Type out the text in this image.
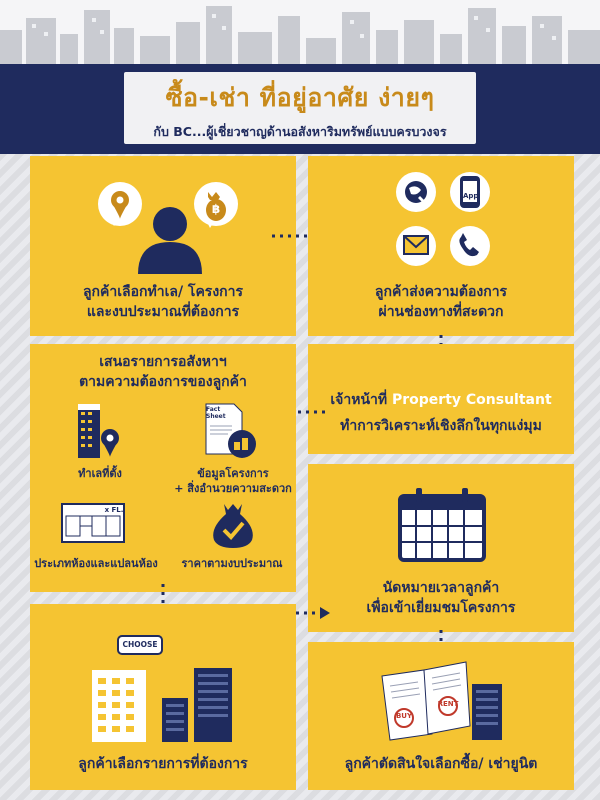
ซื้อ-เช่า ที่อยู่อาศัย ง่ายๆ
กับ BC...ผู้เชี่ยวชาญด้านอสังหาริมทรัพย์แบบครบวงจร
฿
ลูกค้าเลือกทำเล/ โครงการ
และงบประมาณที่ต้องการ
App
ลูกค้าส่งความต้องการ
ผ่านช่องทางที่สะดวก
เจ้าหน้าที่ Property Consultant
ทำการวิเคราะห์เชิงลึกในทุกแง่มุม
เสนอรายการอสังหาฯ
ตามความต้องการของลูกค้า
ทำเลที่ตั้ง
Fact Sheet
ข้อมูลโครงการ
+ สิ่งอำนวยความสะดวก
x FL.
ประเภทห้องและแปลนห้อง	ราคาตามงบประมาณ
นัดหมายเวลาลูกค้า
เพื่อเข้าเยี่ยมชมโครงการ
CHOOSE
ลูกค้าเลือกรายการที่ต้องการ
BUY
RENT
ลูกค้าตัดสินใจเลือกซื้อ/ เช่ายูนิต
